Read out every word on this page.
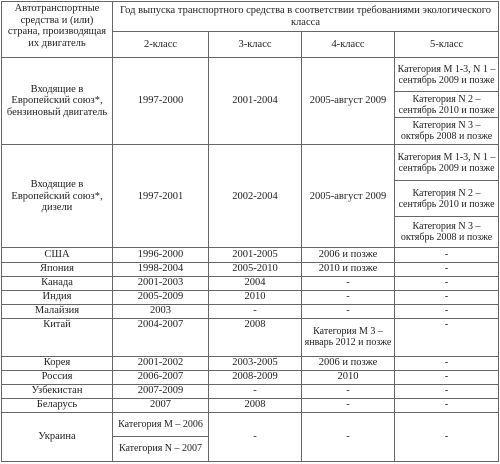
Автотранспортные средства и (или) страна, производящая их двигатель	Год выпуска транспортного средства в соответствии требованиями экологического класса			
	2-класс	3-класс	4-класс	5-класс
Входящие в Европейский союз*, бензиновый двигатель	1997-2000	2001-2004	2005-август 2009	Категория М 1-3, N 1 – сентябрь 2009 и позже
				Категория N 2 – сентябрь 2010 и позже
				Категория N 3 – октябрь 2008 и позже
Входящие в Европейский союз*, дизели	1997-2001	2002-2004	2005-август 2009	Категория М 1-3, N 1 – сентябрь 2009 и позже
				Категория N 2 – сентябрь 2010 и позже
				Категория N 3 – октябрь 2008 и позже
США	1996-2000	2001-2005	2006 и позже	-
Япония	1998-2004	2005-2010	2010 и позже	-
Канада	2001-2003	2004	-	-
Индия	2005-2009	2010	-	-
Малайзия	2003	-	-	-
Китай	2004-2007	2008	Категория М 3 – январь 2012 и позже	-
Корея	2001-2002	2003-2005	2006 и позже	-
Россия	2006-2007	2008-2009	2010	-
Узбекистан	2007-2009	-	-	-
Беларусь	2007	2008	-	-
Украина	Категория М – 2006	-	-	-
	Категория N – 2007			
